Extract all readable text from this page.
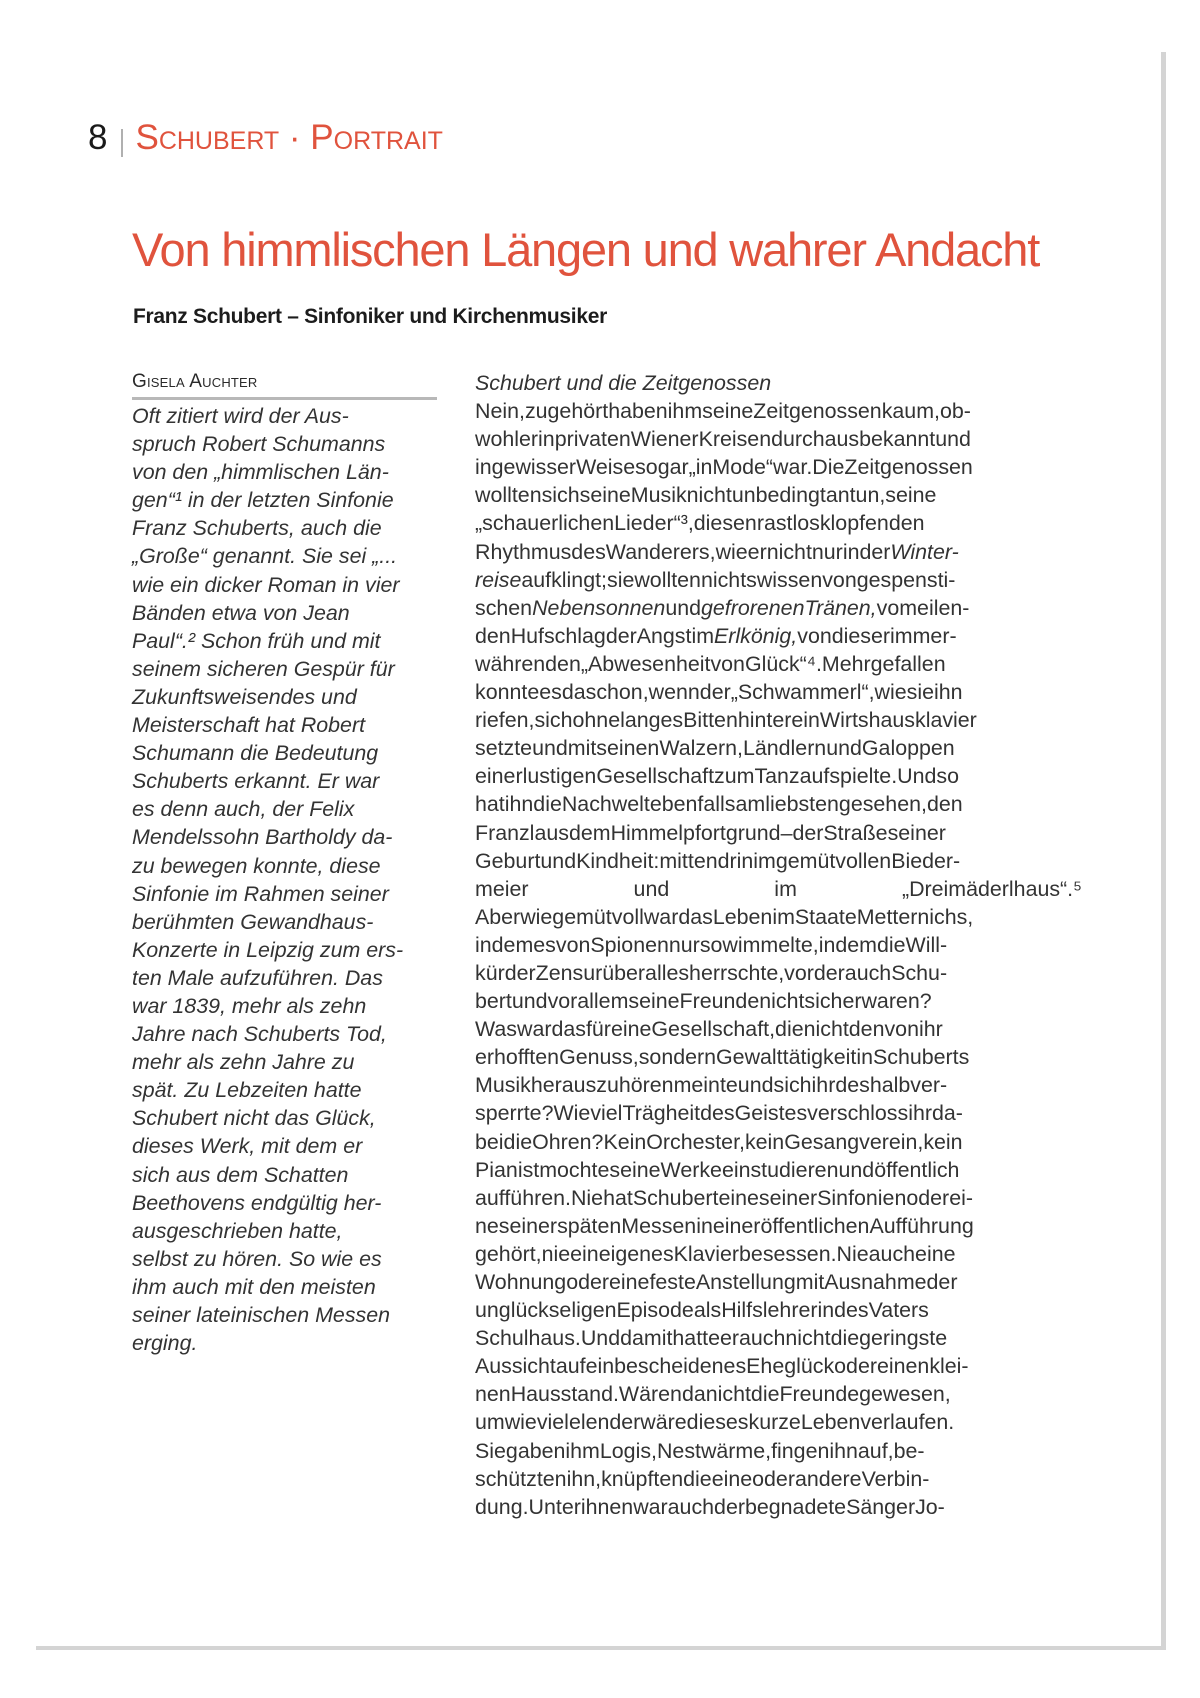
8 Schubert · Portrait
Von himmlischen Längen und wahrer Andacht
Franz Schubert – Sinfoniker und Kirchenmusiker
Gisela Auchter
Oft zitiert wird der Aus-
spruch Robert Schumanns
von den „himmlischen Län-
gen“¹ in der letzten Sinfonie
Franz Schuberts, auch die
„Große“ genannt. Sie sei „...
wie ein dicker Roman in vier
Bänden etwa von Jean
Paul“.² Schon früh und mit
seinem sicheren Gespür für
Zukunftsweisendes und
Meisterschaft hat Robert
Schumann die Bedeutung
Schuberts erkannt. Er war
es denn auch, der Felix
Mendelssohn Bartholdy da-
zu bewegen konnte, diese
Sinfonie im Rahmen seiner
berühmten Gewandhaus-
Konzerte in Leipzig zum ers-
ten Male aufzuführen. Das
war 1839, mehr als zehn
Jahre nach Schuberts Tod,
mehr als zehn Jahre zu
spät. Zu Lebzeiten hatte
Schubert nicht das Glück,
dieses Werk, mit dem er
sich aus dem Schatten
Beethovens endgültig her-
ausgeschrieben hatte,
selbst zu hören. So wie es
ihm auch mit den meisten
seiner lateinischen Messen
erging.
Schubert und die Zeitgenossen
Nein,zugehörthabenihmseineZeitgenossenkaum,ob-
wohlerinprivatenWienerKreisendurchausbekanntund
ingewisserWeisesogar„inMode“war.DieZeitgenossen
wolltensichseineMusiknichtunbedingtantun,seine
„schauerlichenLieder“³,diesenrastlosklopfenden
RhythmusdesWanderers,wieernichtnurinderWinter-
reiseaufklingt;siewolltennichtswissenvongespensti-
schenNebensonnenundgefrorenenTränen,vomeilen-
denHufschlagderAngstimErlkönig,vondieserimmer-
währenden„AbwesenheitvonGlück“⁴.Mehrgefallen
konnteesdaschon,wennder„Schwammerl“,wiesieihn
riefen,sichohnelangesBittenhintereinWirtshausklavier
setzteundmitseinenWalzern,LändlernundGaloppen
einerlustigenGesellschaftzumTanzaufspielte.Undso
hatihndieNachweltebenfallsamliebstengesehen,den
FranzlausdemHimmelpfortgrund–derStraßeseiner
GeburtundKindheit:mittendrinimgemütvollenBieder-
meier und im „Dreimäderlhaus“.⁵
AberwiegemütvollwardasLebenimStaateMetternichs,
indemesvonSpionennursowimmelte,indemdieWill-
kürderZensurüberallesherrschte,vorderauchSchu-
bertundvorallemseineFreundenichtsicherwaren?
WaswardasfüreineGesellschaft,dienichtdenvonihr
erhofftenGenuss,sondernGewalttätigkeitinSchuberts
Musikherauszuhörenmeinteundsichihrdeshalbver-
sperrte?WievielTrägheitdesGeistesverschlossihrda-
beidieOhren?KeinOrchester,keinGesangverein,kein
PianistmochteseineWerkeeinstudierenundöffentlich
aufführen.NiehatSchuberteineseinerSinfonienoderei-
neseinerspätenMessenineineröffentlichenAufführung
gehört,nieeineigenesKlavierbesessen.Nieaucheine
WohnungodereinefesteAnstellungmitAusnahmeder
unglückseligenEpisodealsHilfslehrerindesVaters
Schulhaus.Unddamithatteerauchnichtdiegeringste
AussichtaufeinbescheidenesEheglückodereinenklei-
nenHausstand.WärendanichtdieFreundegewesen,
umwievielelenderwäredieseskurzeLebenverlaufen.
SiegabenihmLogis,Nestwärme,fingenihnauf,be-
schütztenihn,knüpftendieeineoderandereVerbin-
dung.UnterihnenwarauchderbegnadeteSängerJo-
